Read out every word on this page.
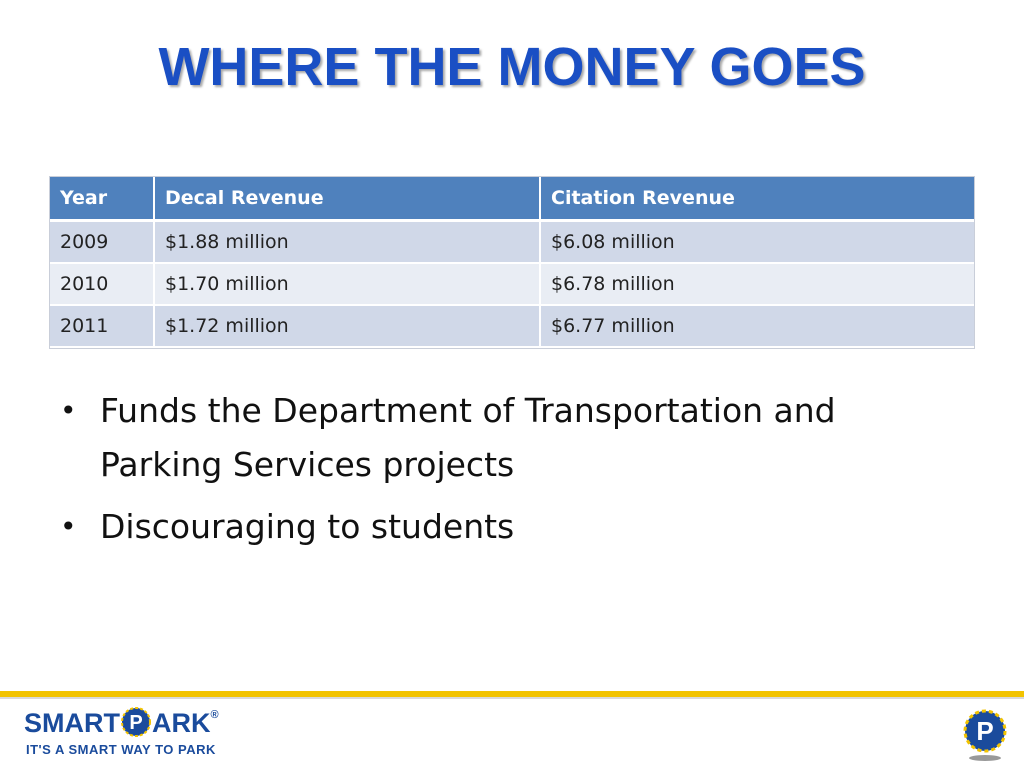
WHERE THE MONEY GOES
Year	Decal Revenue	Citation Revenue
2009	$1.88 million	$6.08 million
2010	$1.70 million	$6.78 million
2011	$1.72 million	$6.77 million
• Funds the Department of Transportation and Parking Services projects
• Discouraging to students
SMART P ARK®
IT'S A SMART WAY TO PARK
P
